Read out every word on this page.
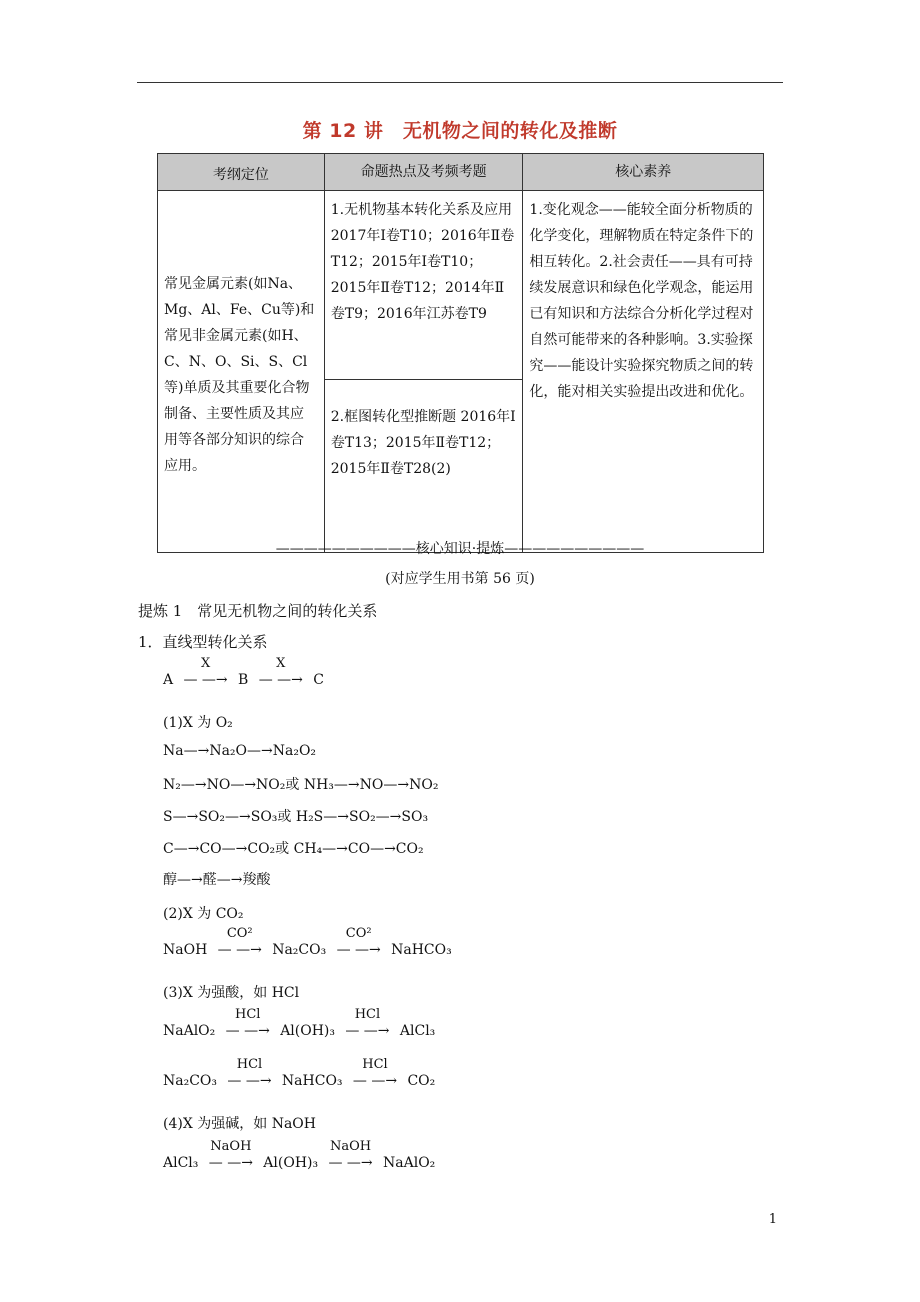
第 12 讲　无机物之间的转化及推断
考纲定位	命题热点及考频考题	核心素养
常见金属元素(如Na、Mg、Al、Fe、Cu等)和常见非金属元素(如H、C、N、O、Si、S、Cl等)单质及其重要化合物制备、主要性质及其应用等各部分知识的综合应用。	1.无机物基本转化关系及应用 2017年Ⅰ卷T10；2016年Ⅱ卷T12；2015年Ⅰ卷T10；2015年Ⅱ卷T12；2014年Ⅱ卷T9；2016年江苏卷T9	1.变化观念——能较全面分析物质的化学变化，理解物质在特定条件下的相互转化。2.社会责任——具有可持续发展意识和绿色化学观念，能运用已有知识和方法综合分析化学过程对自然可能带来的各种影响。3.实验探究——能设计实验探究物质之间的转化，能对相关实验提出改进和优化。
	2.框图转化型推断题 2016年Ⅰ卷T13；2015年Ⅱ卷T12；2015年Ⅱ卷T28(2)	
——————————核心知识·提炼——————————
(对应学生用书第 56 页)
提炼 1　常见无机物之间的转化关系
1．直线型转化关系
A
X
— —→ B
X
— —→ C
(1)X 为 O₂
Na—→Na₂O—→Na₂O₂
N₂—→NO—→NO₂或 NH₃—→NO—→NO₂
S—→SO₂—→SO₃或 H₂S—→SO₂—→SO₃
C—→CO—→CO₂或 CH₄—→CO—→CO₂
醇—→醛—→羧酸
(2)X 为 CO₂
NaOH
CO²
— —→ Na₂CO₃
CO²
— —→ NaHCO₃
(3)X 为强酸，如 HCl
NaAlO₂
HCl
— —→ Al(OH)₃
HCl
— —→ AlCl₃
Na₂CO₃
HCl
— —→ NaHCO₃
HCl
— —→ CO₂
(4)X 为强碱，如 NaOH
AlCl₃
NaOH
— —→ Al(OH)₃
NaOH
— —→ NaAlO₂
1
